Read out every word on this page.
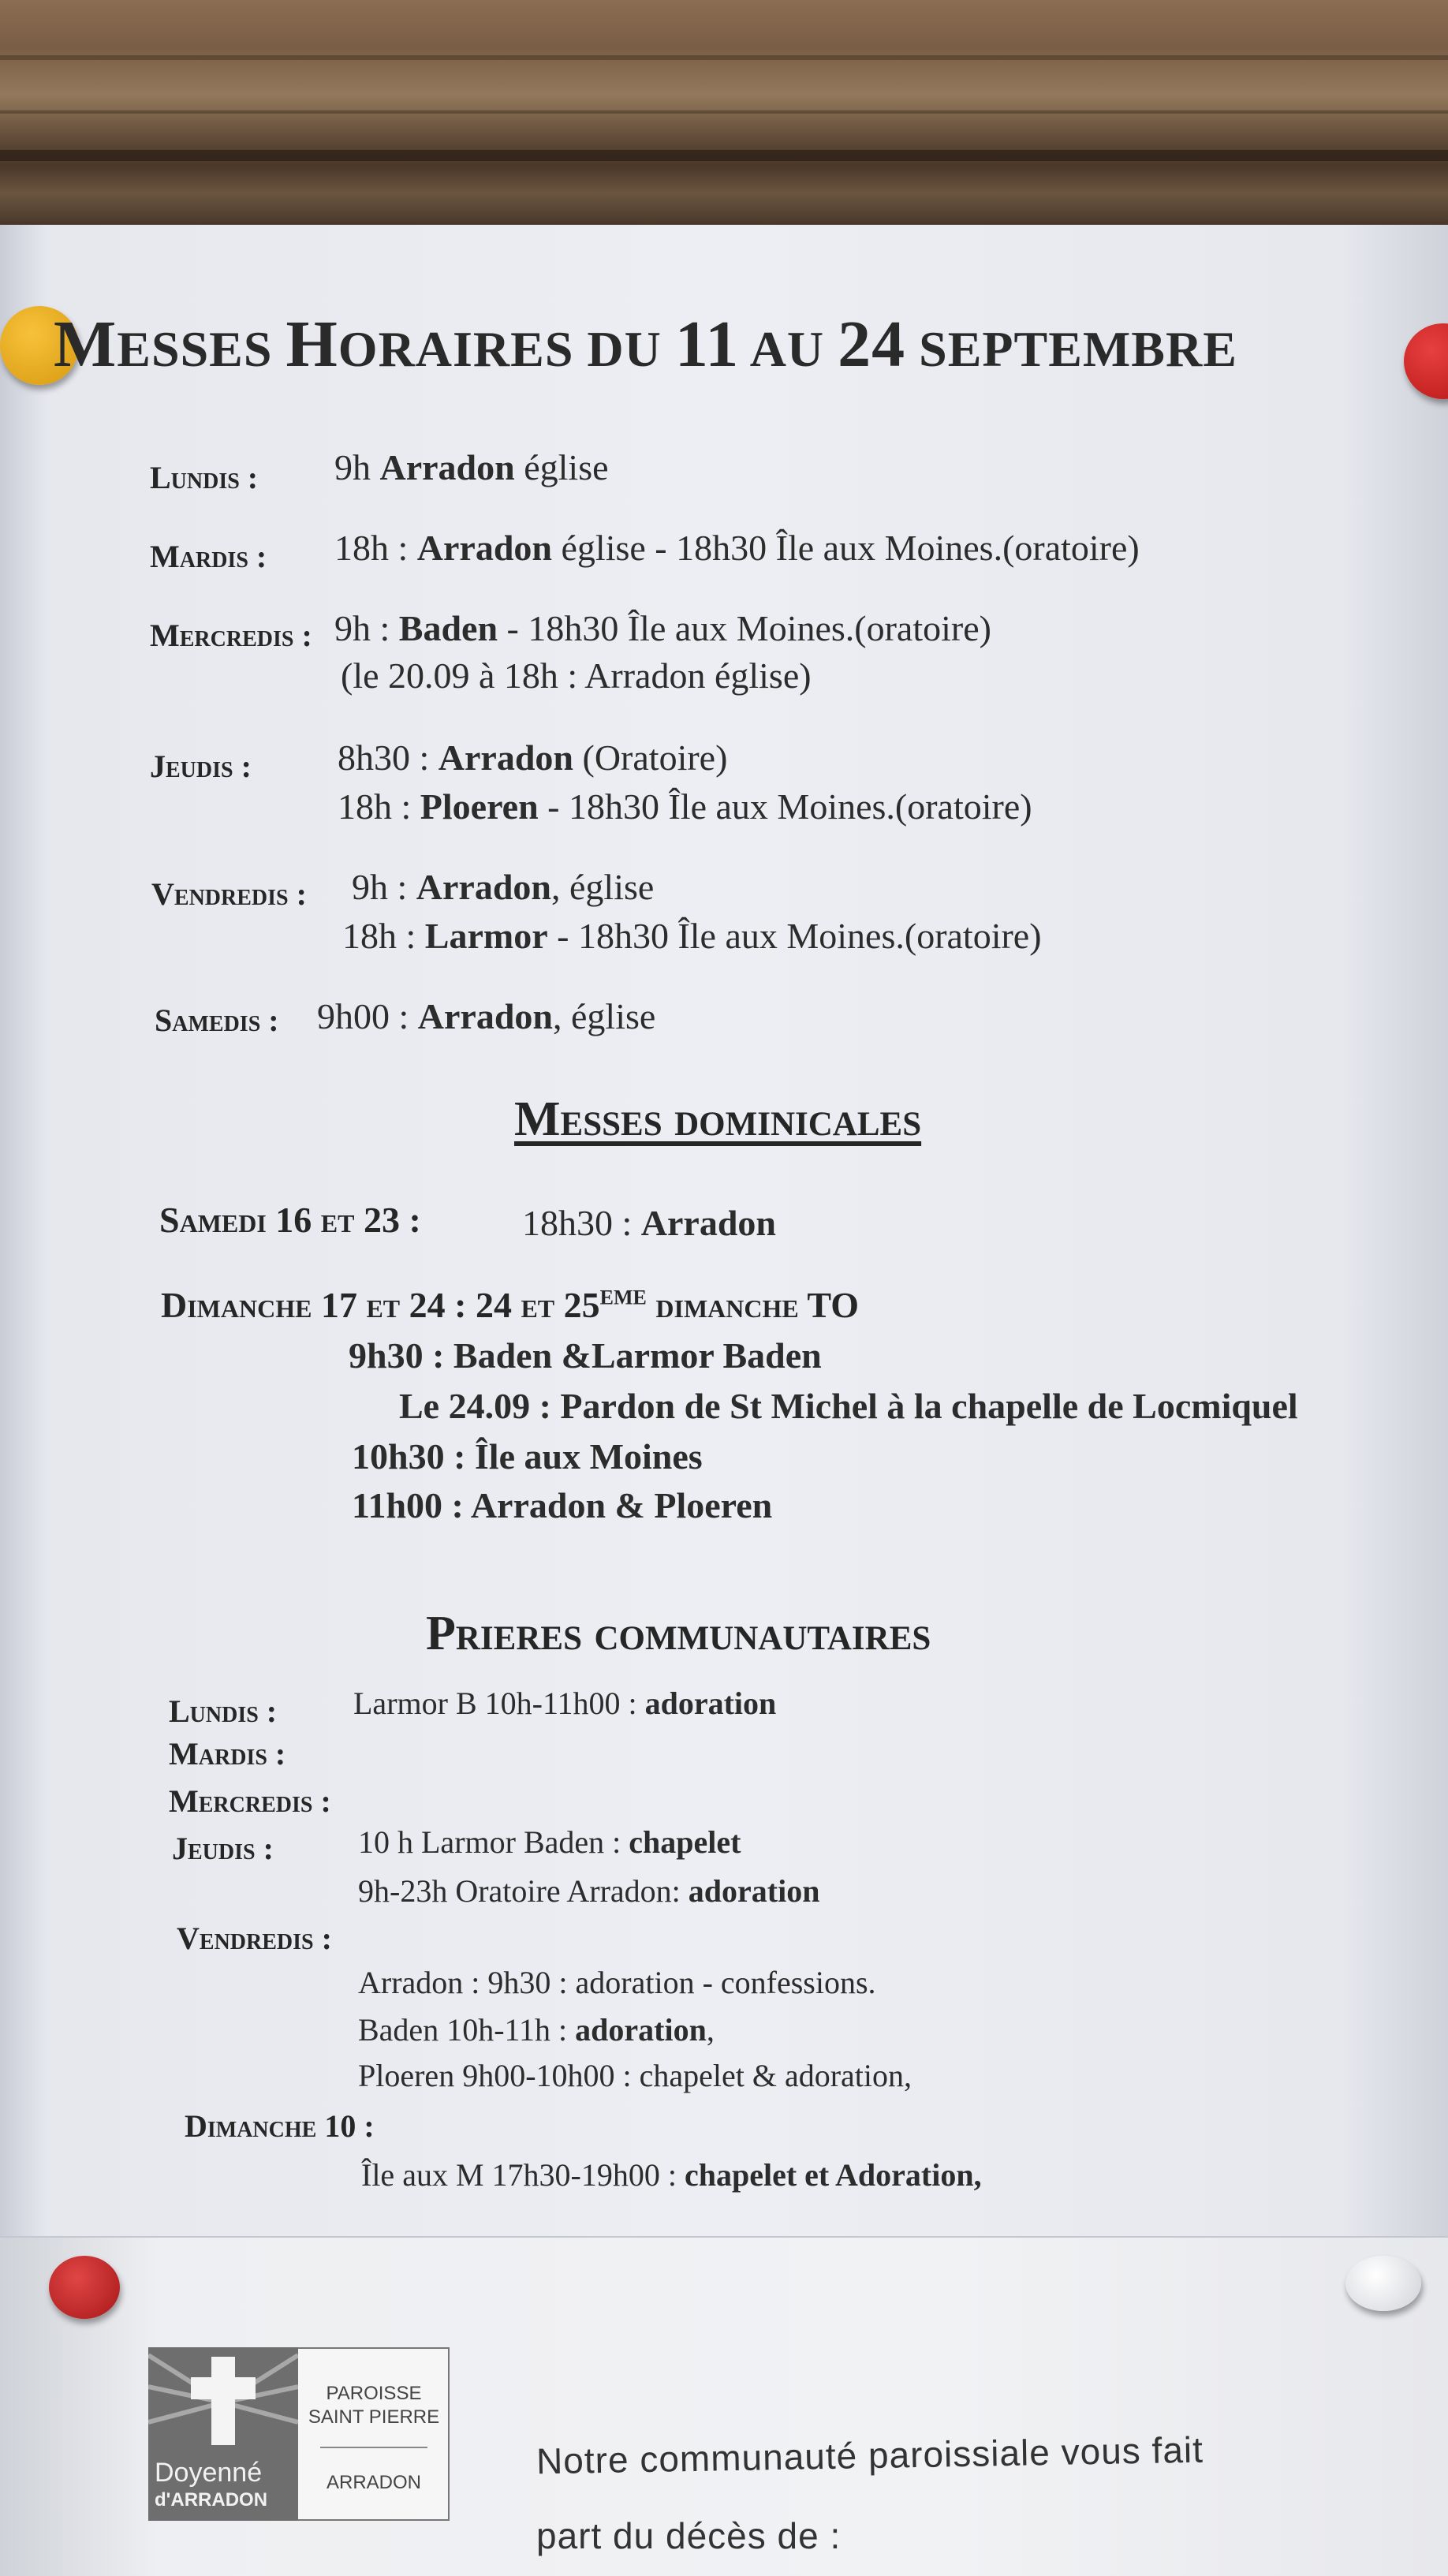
MESSES HORAIRES DU 11 AU 24 SEPTEMBRE
Lundis : 9h Arradon église
Mardis : 18h : Arradon église - 18h30 Île aux Moines.(oratoire)
Mercredis : 9h : Baden - 18h30 Île aux Moines.(oratoire)
(le 20.09 à 18h : Arradon église)
Jeudis : 8h30 : Arradon (Oratoire)
18h : Ploeren - 18h30 Île aux Moines.(oratoire)
Vendredis : 9h : Arradon, église
18h : Larmor - 18h30 Île aux Moines.(oratoire)
Samedis : 9h00 : Arradon, église
Messes dominicales
Samedi 16 et 23 :	18h30 : Arradon
Dimanche 17 et 24 : 24 et 25EME dimanche TO
9h30 : Baden &Larmor Baden
Le 24.09 : Pardon de St Michel à la chapelle de Locmiquel
10h30 : Île aux Moines
11h00 : Arradon & Ploeren
Prieres communautaires
Lundis : Larmor B 10h-11h00 : adoration
Mardis :
Mercredis :
Jeudis :	10 h Larmor Baden : chapelet
9h-23h Oratoire Arradon: adoration
Vendredis :
Arradon : 9h30 : adoration - confessions.
Baden 10h-11h : adoration,
Ploeren 9h00-10h00 : chapelet & adoration,
Dimanche 10 :
Île aux M 17h30-19h00 : chapelet et Adoration,
Doyenné
d'ARRADON
PAROISSE
SAINT PIERRE
ARRADON
Notre communauté paroissiale vous fait
part du décès de :
